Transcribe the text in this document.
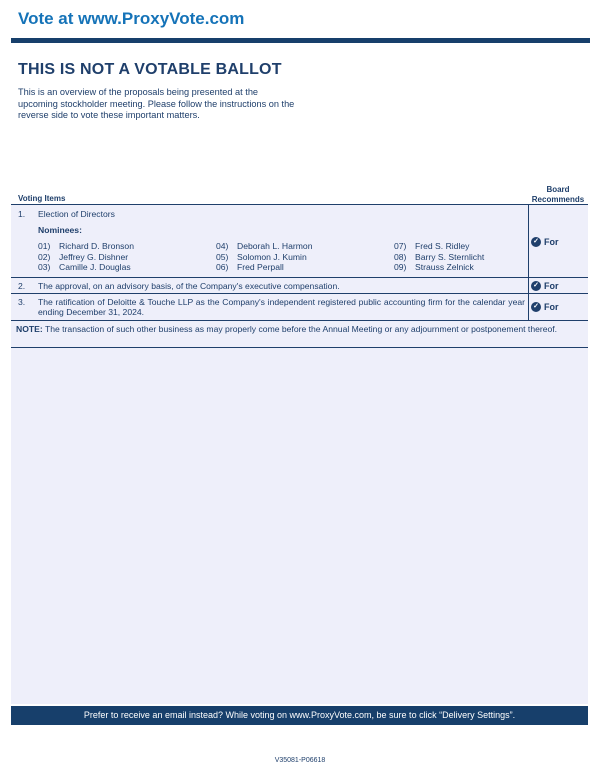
Vote at www.ProxyVote.com
THIS IS NOT A VOTABLE BALLOT
This is an overview of the proposals being presented at the upcoming stockholder meeting. Please follow the instructions on the reverse side to vote these important matters.
Voting Items
Board Recommends
1. Election of Directors
Nominees:
01) Richard D. Bronson
02) Jeffrey G. Dishner
03) Camille J. Douglas
04) Deborah L. Harmon
05) Solomon J. Kumin
06) Fred Perpall
07) Fred S. Ridley
08) Barry S. Sternlicht
09) Strauss Zelnick
✓ For
2. The approval, on an advisory basis, of the Company's executive compensation.	✓ For
3. The ratification of Deloitte & Touche LLP as the Company's independent registered public accounting firm for the calendar year ending December 31, 2024.
✓ For
NOTE: The transaction of such other business as may properly come before the Annual Meeting or any adjournment or postponement thereof.
Prefer to receive an email instead? While voting on www.ProxyVote.com, be sure to click “Delivery Settings”.
V35081-P06618
